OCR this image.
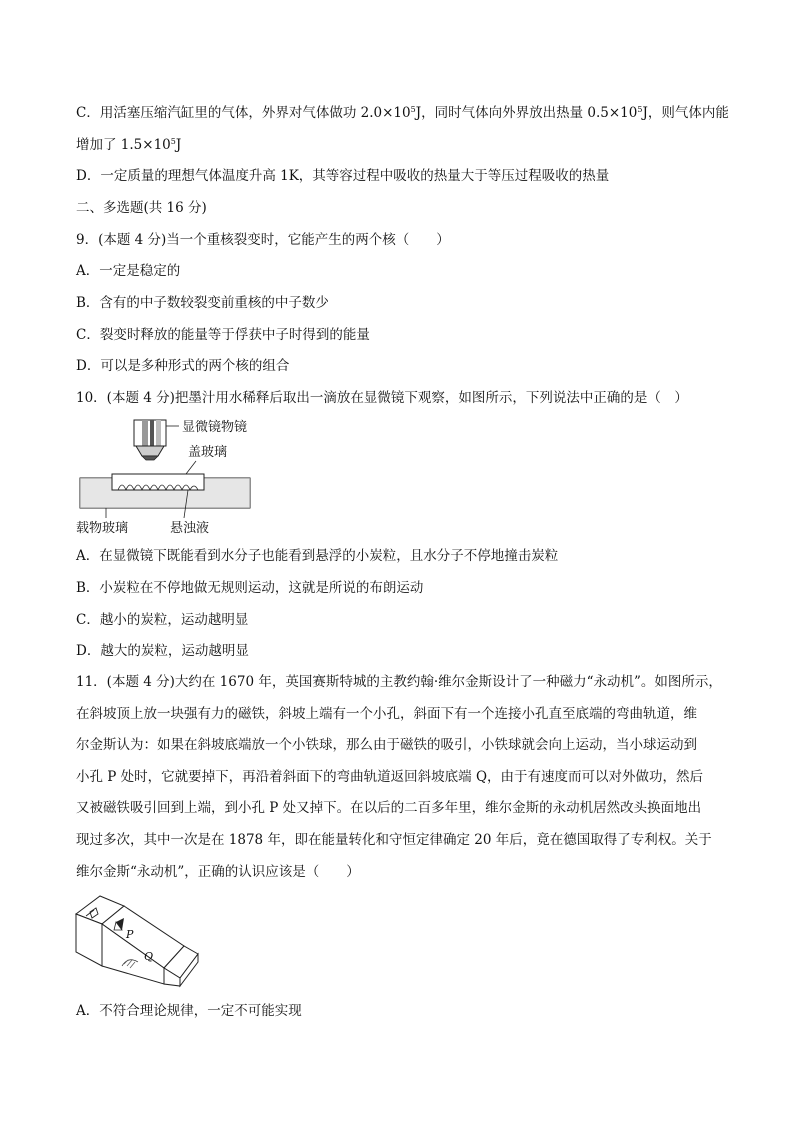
C．用活塞压缩汽缸里的气体，外界对气体做功 $2.0\times 10^5J$，同时气体向外界放出热量 $0.5\times 10^5J$，则气体内能
增加了 $1.5\times 10^5J$
D．一定质量的理想气体温度升高 1K，其等容过程中吸收的热量大于等压过程吸收的热量
二、多选题(共 16 分)
9．(本题 4 分)当一个重核裂变时，它能产生的两个核（　　）
A．一定是稳定的
B．含有的中子数较裂变前重核的中子数少
C．裂变时释放的能量等于俘获中子时得到的能量
D．可以是多种形式的两个核的组合
10．(本题 4 分)把墨汁用水稀释后取出一滴放在显微镜下观察，如图所示，下列说法中正确的是（　）
显微镜物镜
盖玻璃
载物玻璃	悬浊液
A．在显微镜下既能看到水分子也能看到悬浮的小炭粒，且水分子不停地撞击炭粒
B．小炭粒在不停地做无规则运动，这就是所说的布朗运动
C．越小的炭粒，运动越明显
D．越大的炭粒，运动越明显
11．(本题 4 分)大约在 1670 年，英国赛斯特城的主教约翰·维尔金斯设计了一种磁力“永动机”。如图所示，
在斜坡顶上放一块强有力的磁铁，斜坡上端有一个小孔，斜面下有一个连接小孔直至底端的弯曲轨道，维
尔金斯认为：如果在斜坡底端放一个小铁球，那么由于磁铁的吸引，小铁球就会向上运动，当小球运动到
小孔 P 处时，它就要掉下，再沿着斜面下的弯曲轨道返回斜坡底端 Q，由于有速度而可以对外做功，然后
又被磁铁吸引回到上端，到小孔 P 处又掉下。在以后的二百多年里，维尔金斯的永动机居然改头换面地出
现过多次，其中一次是在 1878 年，即在能量转化和守恒定律确定 20 年后，竟在德国取得了专利权。关于
维尔金斯“永动机”，正确的认识应该是（　　）
P
Q
A．不符合理论规律，一定不可能实现
